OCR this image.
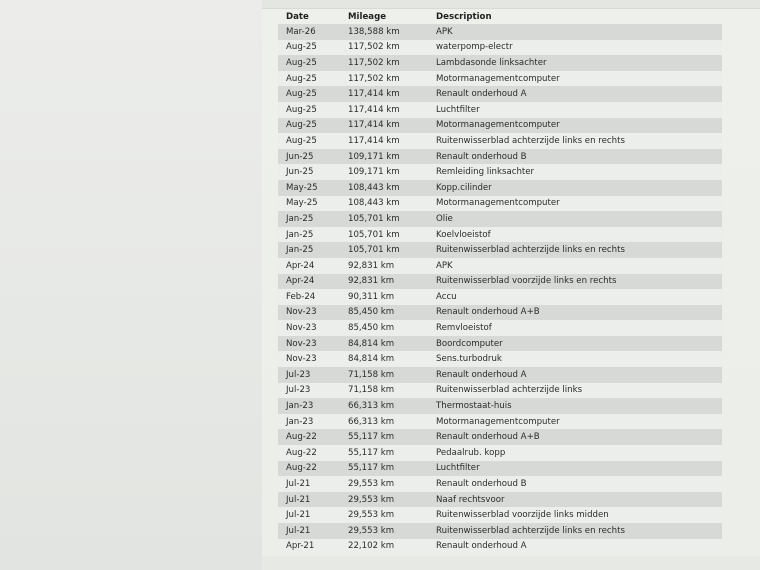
Date	Mileage	Description
Mar-26	138,588 km	APK
Aug-25	117,502 km	waterpomp-electr
Aug-25	117,502 km	Lambdasonde linksachter
Aug-25	117,502 km	Motormanagementcomputer
Aug-25	117,414 km	Renault onderhoud A
Aug-25	117,414 km	Luchtfilter
Aug-25	117,414 km	Motormanagementcomputer
Aug-25	117,414 km	Ruitenwisserblad achterzijde links en rechts
Jun-25	109,171 km	Renault onderhoud B
Jun-25	109,171 km	Remleiding linksachter
May-25	108,443 km	Kopp.cilinder
May-25	108,443 km	Motormanagementcomputer
Jan-25	105,701 km	Olie
Jan-25	105,701 km	Koelvloeistof
Jan-25	105,701 km	Ruitenwisserblad achterzijde links en rechts
Apr-24	92,831 km	APK
Apr-24	92,831 km	Ruitenwisserblad voorzijde links en rechts
Feb-24	90,311 km	Accu
Nov-23	85,450 km	Renault onderhoud A+B
Nov-23	85,450 km	Remvloeistof
Nov-23	84,814 km	Boordcomputer
Nov-23	84,814 km	Sens.turbodruk
Jul-23	71,158 km	Renault onderhoud A
Jul-23	71,158 km	Ruitenwisserblad achterzijde links
Jan-23	66,313 km	Thermostaat-huis
Jan-23	66,313 km	Motormanagementcomputer
Aug-22	55,117 km	Renault onderhoud A+B
Aug-22	55,117 km	Pedaalrub. kopp
Aug-22	55,117 km	Luchtfilter
Jul-21	29,553 km	Renault onderhoud B
Jul-21	29,553 km	Naaf rechtsvoor
Jul-21	29,553 km	Ruitenwisserblad voorzijde links midden
Jul-21	29,553 km	Ruitenwisserblad achterzijde links en rechts
Apr-21	22,102 km	Renault onderhoud A
